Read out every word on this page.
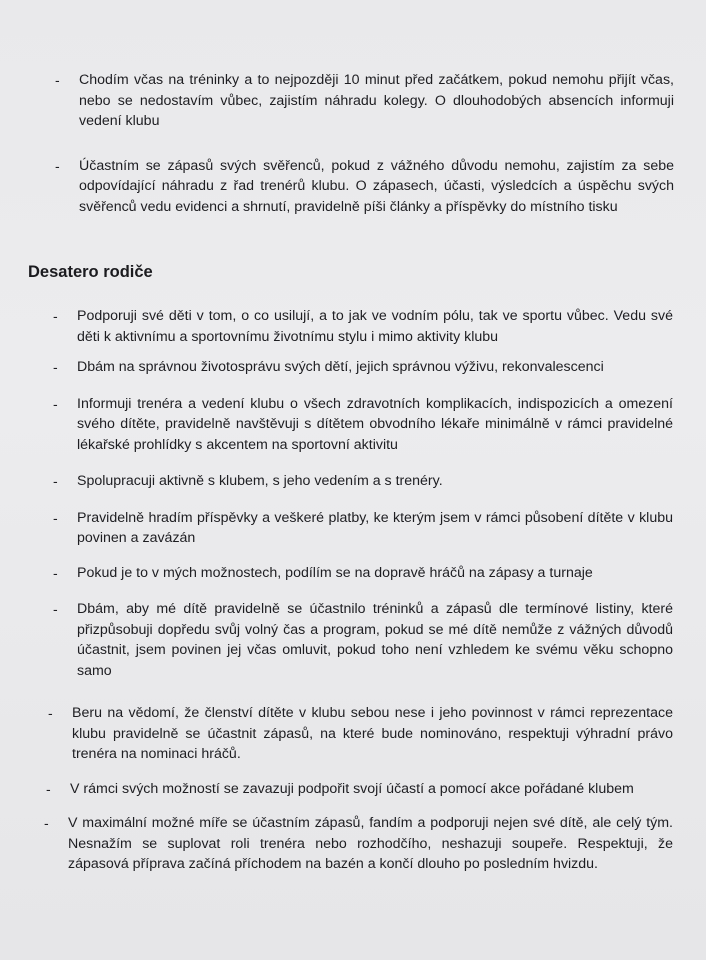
- Chodím včas na tréninky a to nejpozději 10 minut před začátkem, pokud nemohu přijít včas, nebo se nedostavím vůbec, zajistím náhradu kolegy. O dlouhodobých absencích informuji vedení klubu
- Účastním se zápasů svých svěřenců, pokud z vážného důvodu nemohu, zajistím za sebe odpovídající náhradu z řad trenérů klubu. O zápasech, účasti, výsledcích a úspěchu svých svěřenců vedu evidenci a shrnutí, pravidelně píši články a příspěvky do místního tisku
Desatero rodiče
- Podporuji své děti v tom, o co usilují, a to jak ve vodním pólu, tak ve sportu vůbec. Vedu své děti k aktivnímu a sportovnímu životnímu stylu i mimo aktivity klubu
- Dbám na správnou životosprávu svých dětí, jejich správnou výživu, rekonvalescenci
- Informuji trenéra a vedení klubu o všech zdravotních komplikacích, indispozicích a omezení svého dítěte, pravidelně navštěvuji s dítětem obvodního lékaře minimálně v rámci pravidelné lékařské prohlídky s akcentem na sportovní aktivitu
- Spolupracuji aktivně s klubem, s jeho vedením a s trenéry.
- Pravidelně hradím příspěvky a veškeré platby, ke kterým jsem v rámci působení dítěte v klubu povinen a zavázán
- Pokud je to v mých možnostech, podílím se na dopravě hráčů na zápasy a turnaje
- Dbám, aby mé dítě pravidelně se účastnilo tréninků a zápasů dle termínové listiny, které přizpůsobuji dopředu svůj volný čas a program, pokud se mé dítě nemůže z vážných důvodů účastnit, jsem povinen jej včas omluvit, pokud toho není vzhledem ke svému věku schopno samo
- Beru na vědomí, že členství dítěte v klubu sebou nese i jeho povinnost v rámci reprezentace klubu pravidelně se účastnit zápasů, na které bude nominováno, respektuji výhradní právo trenéra na nominaci hráčů.
- V rámci svých možností se zavazuji podpořit svojí účastí a pomocí akce pořádané klubem
- V maximální možné míře se účastním zápasů, fandím a podporuji nejen své dítě, ale celý tým. Nesnažím se suplovat roli trenéra nebo rozhodčího, neshazuji soupeře. Respektuji, že zápasová příprava začíná příchodem na bazén a končí dlouho po posledním hvizdu.
